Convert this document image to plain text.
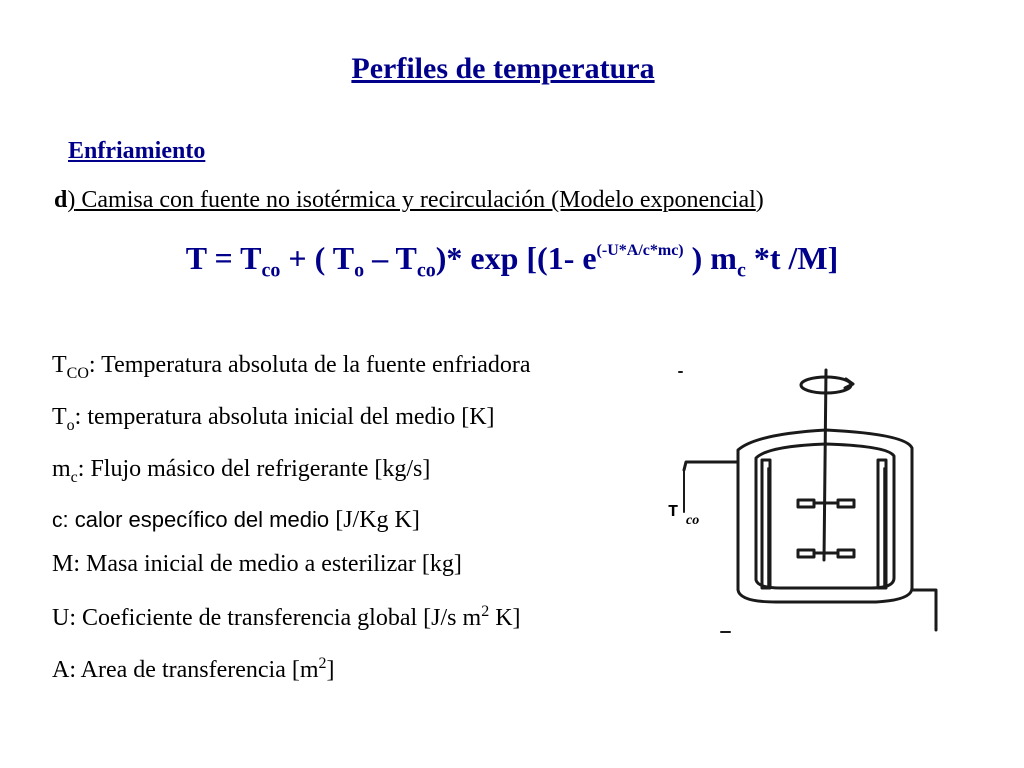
Perfiles de temperatura
Enfriamiento
d) Camisa con fuente no isotérmica y recirculación (Modelo exponencial)
$T = T_{co}$ + ( $T_o - T_{co})*$ exp [(1- $e^{(-U*A/c*mc)}$ ) $m_c$ *t /M]
$T_{CO}$: Temperatura absoluta de la fuente enfriadora
$T_o$: temperatura absoluta inicial del medio [K]
$m_c$: Flujo másico del refrigerante [kg/s]
c: calor específico del medio [J/Kg K]
M: Masa inicial de medio a esterilizar [kg]
U: Coeficiente de transferencia global [J/s $m^2$ K]
A: Area de transferencia $[m^2]$
T co
